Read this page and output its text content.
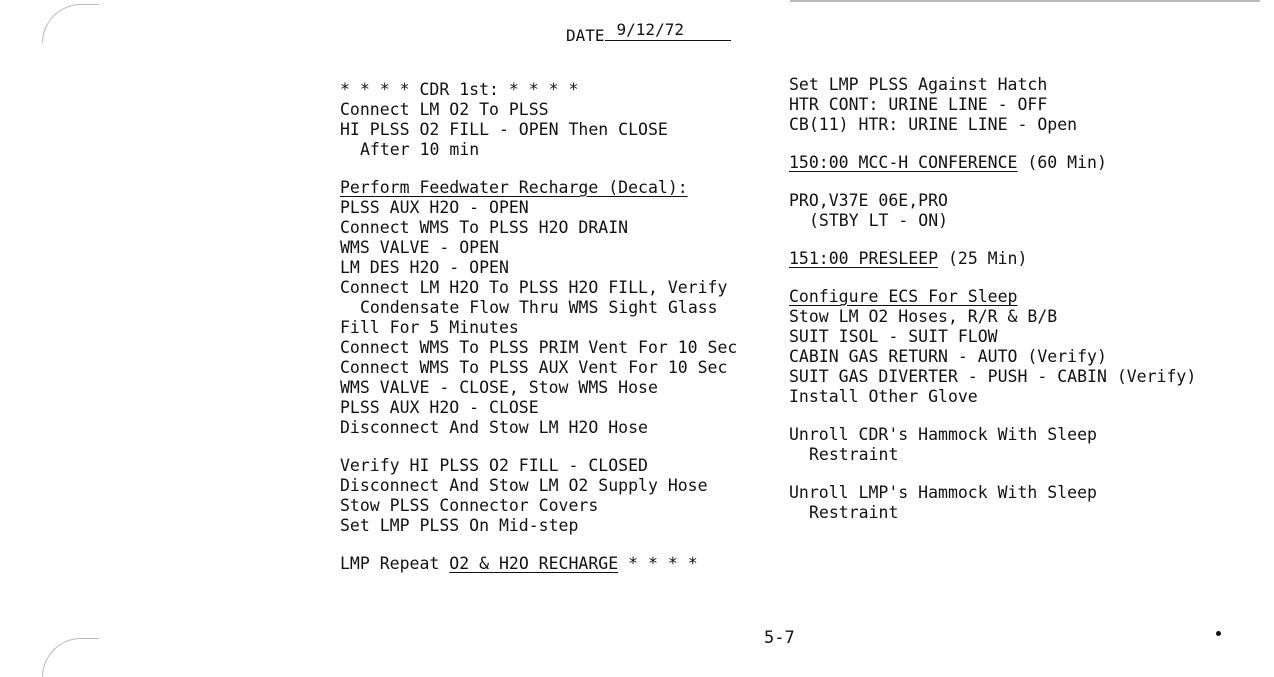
DATE 9/12/72
* * * * CDR 1st: * * * *
Connect LM O2 To PLSS
HI PLSS O2 FILL - OPEN Then CLOSE
After 10 min
Perform Feedwater Recharge (Decal):
PLSS AUX H2O - OPEN
Connect WMS To PLSS H2O DRAIN
WMS VALVE - OPEN
LM DES H2O - OPEN
Connect LM H2O To PLSS H2O FILL, Verify
Condensate Flow Thru WMS Sight Glass
Fill For 5 Minutes
Connect WMS To PLSS PRIM Vent For 10 Sec
Connect WMS To PLSS AUX Vent For 10 Sec
WMS VALVE - CLOSE, Stow WMS Hose
PLSS AUX H2O - CLOSE
Disconnect And Stow LM H2O Hose
Verify HI PLSS O2 FILL - CLOSED
Disconnect And Stow LM O2 Supply Hose
Stow PLSS Connector Covers
Set LMP PLSS On Mid-step
LMP Repeat O2 & H2O RECHARGE * * * *
Set LMP PLSS Against Hatch
HTR CONT: URINE LINE - OFF
CB(11) HTR: URINE LINE - Open
150:00 MCC-H CONFERENCE (60 Min)
PRO,V37E 06E,PRO
(STBY LT - ON)
151:00 PRESLEEP (25 Min)
Configure ECS For Sleep
Stow LM O2 Hoses, R/R & B/B
SUIT ISOL - SUIT FLOW
CABIN GAS RETURN - AUTO (Verify)
SUIT GAS DIVERTER - PUSH - CABIN (Verify)
Install Other Glove
Unroll CDR's Hammock With Sleep
Restraint
Unroll LMP's Hammock With Sleep
Restraint
5-7
